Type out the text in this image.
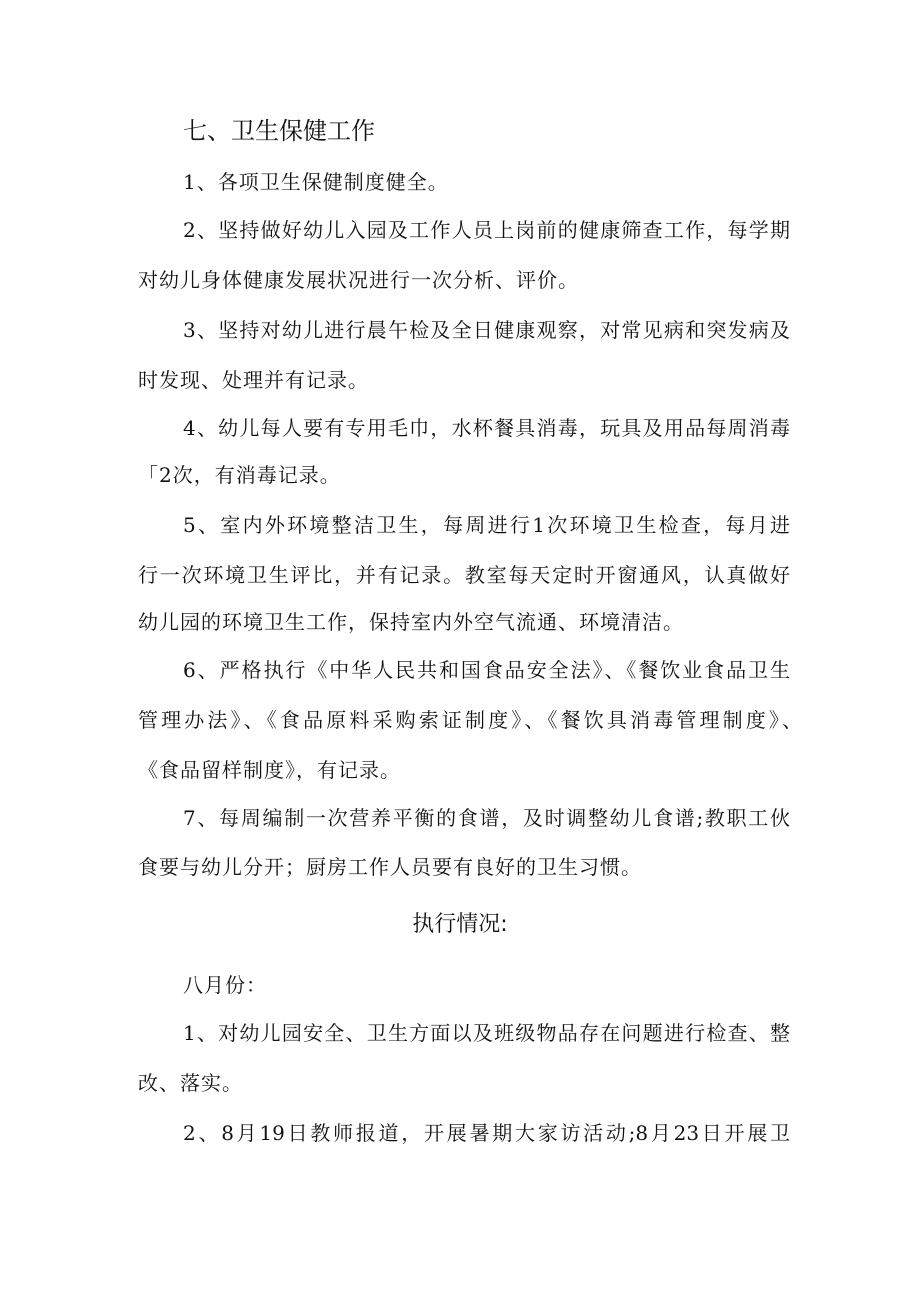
七、卫生保健工作
1、各项卫生保健制度健全。
2、坚持做好幼儿入园及工作人员上岗前的健康筛查工作，每学期
对幼儿身体健康发展状况进行一次分析、评价。
3、坚持对幼儿进行晨午检及全日健康观察，对常见病和突发病及
时发现、处理并有记录。
4、幼儿每人要有专用毛巾，水杯餐具消毒，玩具及用品每周消毒
「2次，有消毒记录。
5、室内外环境整洁卫生，每周进行1次环境卫生检查，每月进
行一次环境卫生评比，并有记录。教室每天定时开窗通风，认真做好
幼儿园的环境卫生工作，保持室内外空气流通、环境清洁。
6、严格执行《中华人民共和国食品安全法》、《餐饮业食品卫生
管理办法》、《食品原料采购索证制度》、《餐饮具消毒管理制度》、
《食品留样制度》，有记录。
7、每周编制一次营养平衡的食谱，及时调整幼儿食谱;教职工伙
食要与幼儿分开；厨房工作人员要有良好的卫生习惯。
执行情况:
八月份：
1、对幼儿园安全、卫生方面以及班级物品存在问题进行检查、整
改、落实。
2、8月19日教师报道，开展暑期大家访活动;8月23日开展卫
